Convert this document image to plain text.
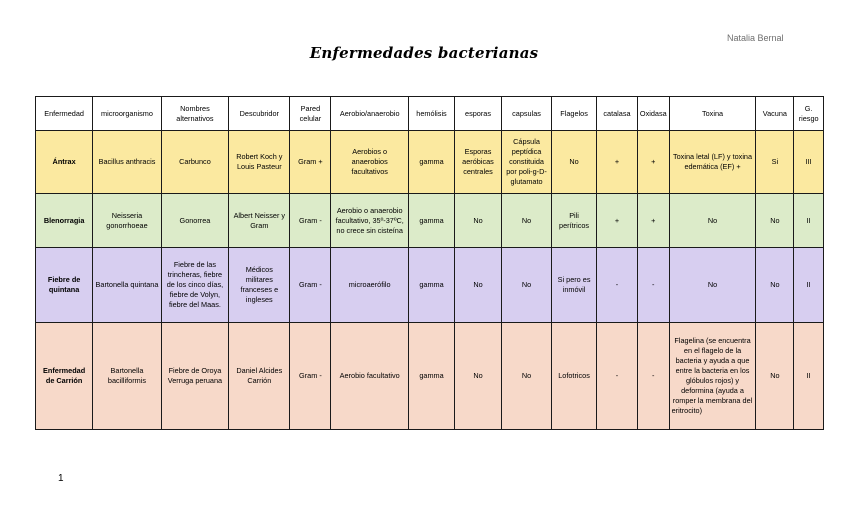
Natalia Bernal
Enfermedades bacterianas
Enfermedad	microorganismo	Nombres alternativos	Descubridor	Pared celular	Aerobio/anaerobio	hemólisis	esporas	capsulas	Flagelos	catalasa	Oxidasa	Toxina	Vacuna	G. riesgo
Ántrax	Bacillus anthracis	Carbunco	Robert Koch y Louis Pasteur	Gram +	Aerobios o anaerobios facultativos	gamma	Esporas aeróbicas centrales	Cápsula peptídica constituida por poli-g-D-glutamato	No	+	+	Toxina letal (LF) y toxina edemática (EF) +	Si	III
Blenorragia	Neisseria gonorrhoeae	Gonorrea	Albert Neisser y Gram	Gram -	Aerobio o anaerobio facultativo, 35º-37ºC, no crece sin cisteína	gamma	No	No	Pili perítricos	+	+	No	No	II
Fiebre de quintana	Bartonella quintana	Fiebre de las trincheras, fiebre de los cinco días, fiebre de Volyn, fiebre del Maas.	Médicos militares franceses e ingleses	Gram -	microaerófilo	gamma	No	No	Si pero es inmóvil	-	-	No	No	II
Enfermedad de Carrión	Bartonella bacilliformis	Fiebre de Oroya Verruga peruana	Daniel Alcides Carrión	Gram -	Aerobio facultativo	gamma	No	No	Lofotricos	-	-	Flagelina (se encuentra en el flagelo de la bacteria y ayuda a que entre la bacteria en los glóbulos rojos) y deformina (ayuda a romper la membrana del eritrocito)	No	II
1
